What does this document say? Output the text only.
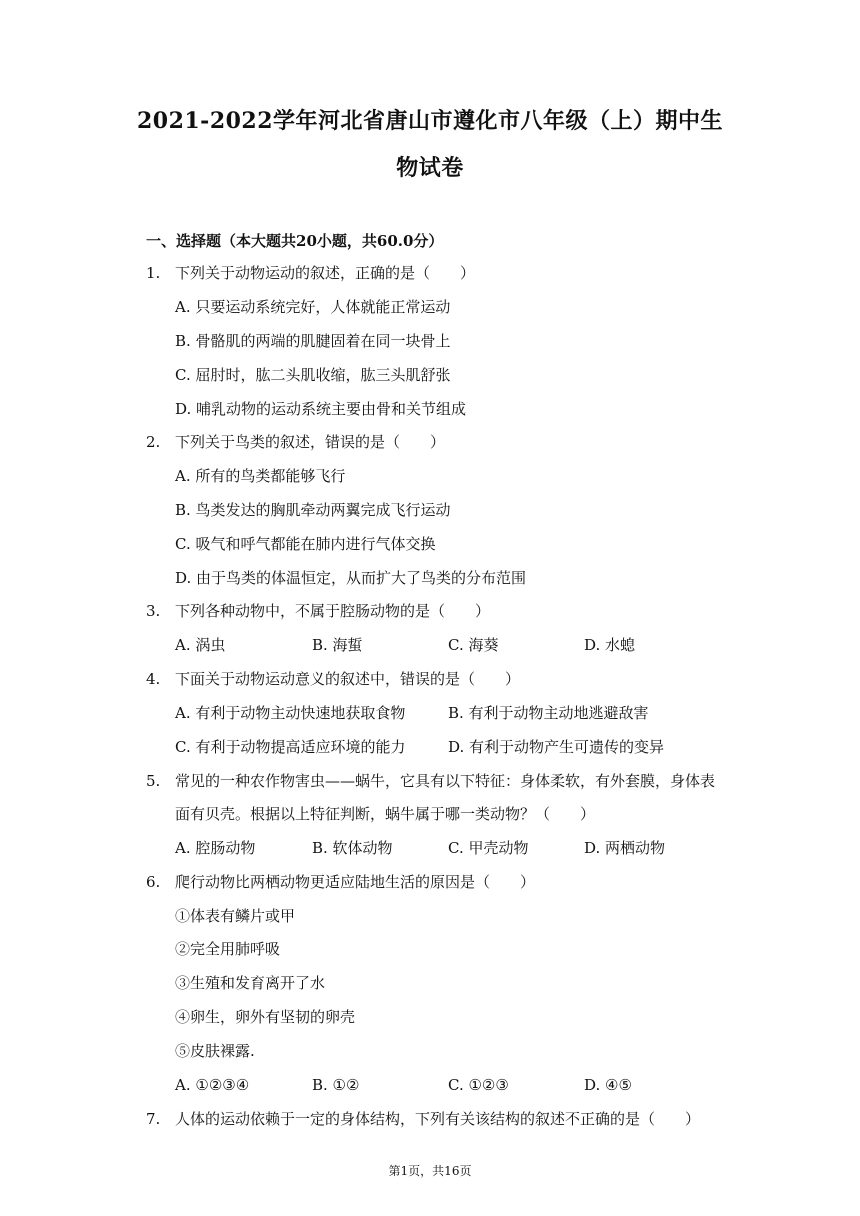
2021-2022学年河北省唐山市遵化市八年级（上）期中生
物试卷
一、选择题（本大题共20小题，共60.0分）
1. 下列关于动物运动的叙述，正确的是（　　）
A. 只要运动系统完好，人体就能正常运动
B. 骨骼肌的两端的肌腱固着在同一块骨上
C. 屈肘时，肱二头肌收缩，肱三头肌舒张
D. 哺乳动物的运动系统主要由骨和关节组成
2. 下列关于鸟类的叙述，错误的是（　　）
A. 所有的鸟类都能够飞行
B. 鸟类发达的胸肌牵动两翼完成飞行运动
C. 吸气和呼气都能在肺内进行气体交换
D. 由于鸟类的体温恒定，从而扩大了鸟类的分布范围
3. 下列各种动物中，不属于腔肠动物的是（　　）
A. 涡虫	B. 海蜇	C. 海葵	D. 水螅
4. 下面关于动物运动意义的叙述中，错误的是（　　）
A. 有利于动物主动快速地获取食物	B. 有利于动物主动地逃避敌害
C. 有利于动物提高适应环境的能力	D. 有利于动物产生可遗传的变异
5. 常见的一种农作物害虫——蜗牛，它具有以下特征：身体柔软，有外套膜，身体表
面有贝壳。根据以上特征判断，蜗牛属于哪一类动物？（　　）
A. 腔肠动物	B. 软体动物	C. 甲壳动物	D. 两栖动物
6. 爬行动物比两栖动物更适应陆地生活的原因是（　　）
①体表有鳞片或甲
②完全用肺呼吸
③生殖和发育离开了水
④卵生，卵外有坚韧的卵壳
⑤皮肤裸露.
A. ①②③④	B. ①②	C. ①②③	D. ④⑤
7. 人体的运动依赖于一定的身体结构，下列有关该结构的叙述不正确的是（　　）
第1页，共16页
